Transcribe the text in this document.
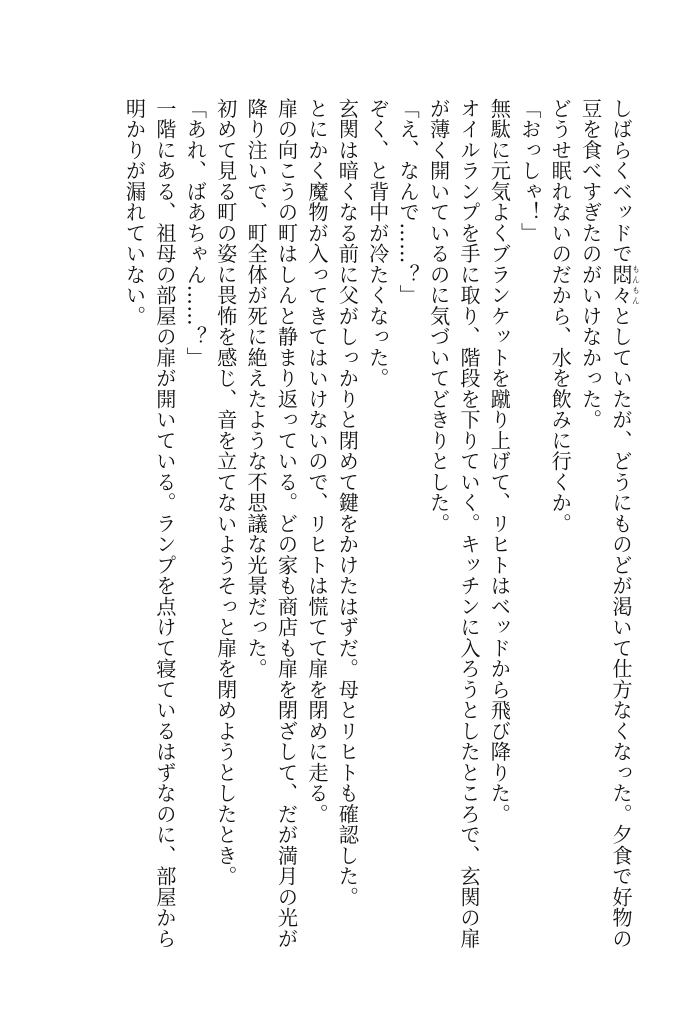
しばらくベッドで悶々もんもんとしていたが、どうにものどが渇いて仕方なくなった。夕食で好物の
豆を食べすぎたのがいけなかった。
どうせ眠れないのだから、水を飲みに行くか。
「おっしゃ！」
無駄に元気よくブランケットを蹴り上げて、リヒトはベッドから飛び降りた。
オイルランプを手に取り、階段を下りていく。キッチンに入ろうとしたところで、玄関の扉
が薄く開いているのに気づいてどきりとした。
「え、なんで……？」
ぞく、と背中が冷たくなった。
玄関は暗くなる前に父がしっかりと閉めて鍵をかけたはずだ。母とリヒトも確認した。
とにかく魔物が入ってきてはいけないので、リヒトは慌てて扉を閉めに走る。
扉の向こうの町はしんと静まり返っている。どの家も商店も扉を閉ざして、だが満月の光が
降り注いで、町全体が死に絶えたような不思議な光景だった。
初めて見る町の姿に畏怖を感じ、音を立てないようそっと扉を閉めようとしたとき。
「あれ、ばあちゃん……？」
一階にある、祖母の部屋の扉が開いている。ランプを点けて寝ているはずなのに、部屋から
明かりが漏れていない。
